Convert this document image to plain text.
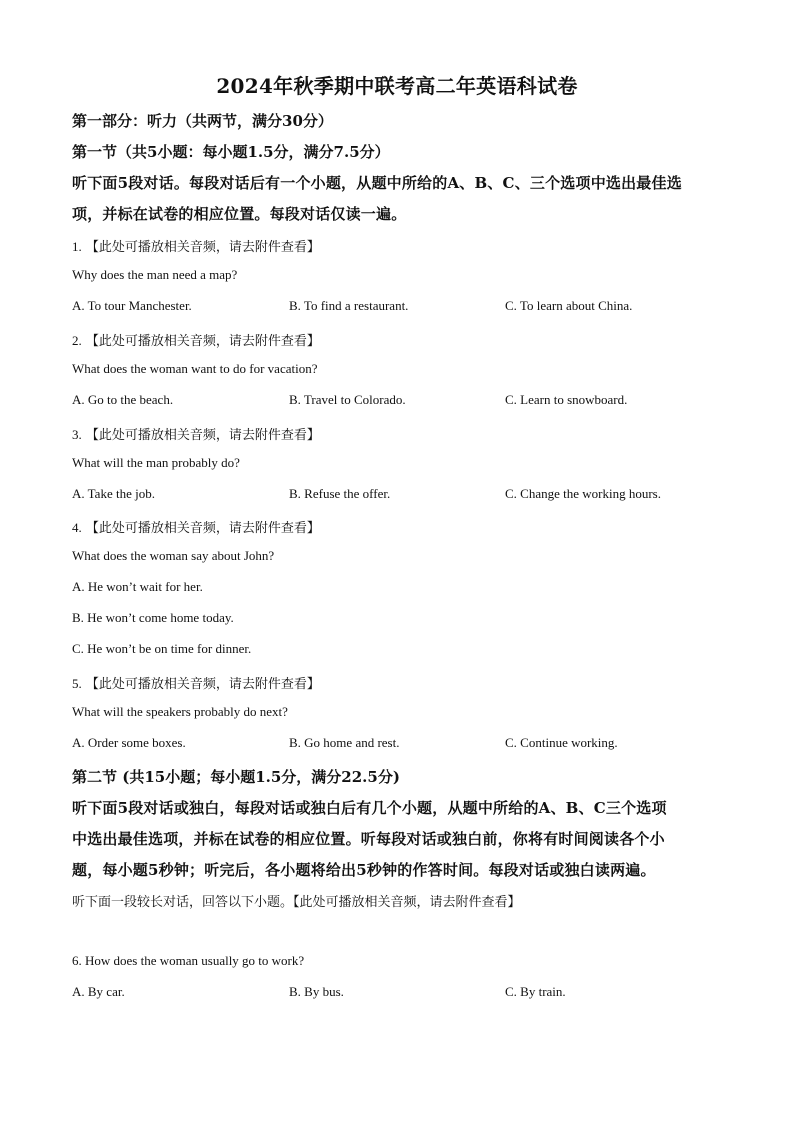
2024年秋季期中联考高二年英语科试卷
第一部分：听力（共两节，满分30分）
第一节（共5小题：每小题1.5分，满分7.5分）
听下面5段对话。每段对话后有一个小题，从题中所给的A、B、C、三个选项中选出最佳选
项，并标在试卷的相应位置。每段对话仅读一遍。
1. 【此处可播放相关音频，请去附件查看】
Why does the man need a map?
A. To tour Manchester.	B. To find a restaurant.	C. To learn about China.
2. 【此处可播放相关音频，请去附件查看】
What does the woman want to do for vacation?
A. Go to the beach.	B. Travel to Colorado.	C. Learn to snowboard.
3. 【此处可播放相关音频，请去附件查看】
What will the man probably do?
A. Take the job.	B. Refuse the offer.	C. Change the working hours.
4. 【此处可播放相关音频，请去附件查看】
What does the woman say about John?
A. He won’t wait for her.
B. He won’t come home today.
C. He won’t be on time for dinner.
5. 【此处可播放相关音频，请去附件查看】
What will the speakers probably do next?
A. Order some boxes.	B. Go home and rest.	C. Continue working.
第二节 (共15小题；每小题1.5分，满分22.5分)
听下面5段对话或独白，每段对话或独白后有几个小题，从题中所给的A、B、C三个选项
中选出最佳选项，并标在试卷的相应位置。听每段对话或独白前，你将有时间阅读各个小
题，每小题5秒钟；听完后，各小题将给出5秒钟的作答时间。每段对话或独白读两遍。
听下面一段较长对话，回答以下小题。【此处可播放相关音频，请去附件查看】
6. How does the woman usually go to work?
A. By car.	B. By bus.	C. By train.
